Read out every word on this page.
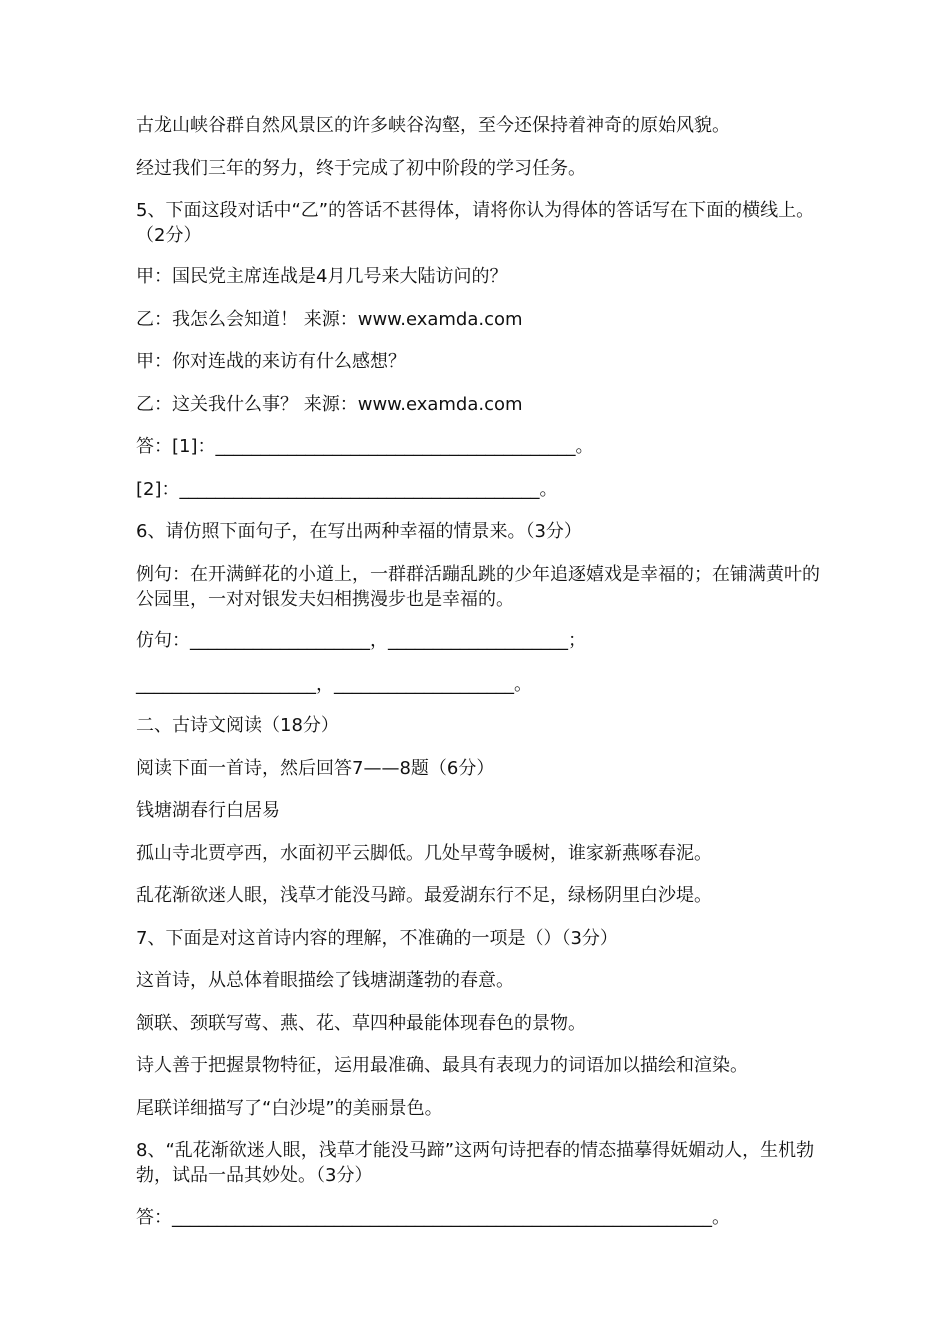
古龙山峡谷群自然风景区的许多峡谷沟壑，至今还保持着神奇的原始风貌。
经过我们三年的努力，终于完成了初中阶段的学习任务。
5、下面这段对话中“乙”的答话不甚得体，请将你认为得体的答话写在下面的横线上。（2分）
甲：国民党主席连战是4月几号来大陆访问的？
乙：我怎么会知道！ 来源：www.examda.com
甲：你对连战的来访有什么感想？
乙：这关我什么事？ 来源：www.examda.com
答：[1]：________________________________________。
[2]：________________________________________。
6、请仿照下面句子，在写出两种幸福的情景来。（3分）
例句：在开满鲜花的小道上，一群群活蹦乱跳的少年追逐嬉戏是幸福的；在铺满黄叶的公园里，一对对银发夫妇相携漫步也是幸福的。
仿句：____________________，____________________；
____________________，____________________。
二、古诗文阅读（18分）
阅读下面一首诗，然后回答7——8题（6分）
钱塘湖春行白居易
孤山寺北贾亭西，水面初平云脚低。几处早莺争暖树，谁家新燕啄春泥。
乱花渐欲迷人眼，浅草才能没马蹄。最爱湖东行不足，绿杨阴里白沙堤。
7、下面是对这首诗内容的理解，不准确的一项是（）（3分）
这首诗，从总体着眼描绘了钱塘湖蓬勃的春意。
颔联、颈联写莺、燕、花、草四种最能体现春色的景物。
诗人善于把握景物特征，运用最准确、最具有表现力的词语加以描绘和渲染。
尾联详细描写了“白沙堤”的美丽景色。
8、“乱花渐欲迷人眼，浅草才能没马蹄”这两句诗把春的情态描摹得妩媚动人，生机勃勃，试品一品其妙处。（3分）
答：____________________________________________________________。
